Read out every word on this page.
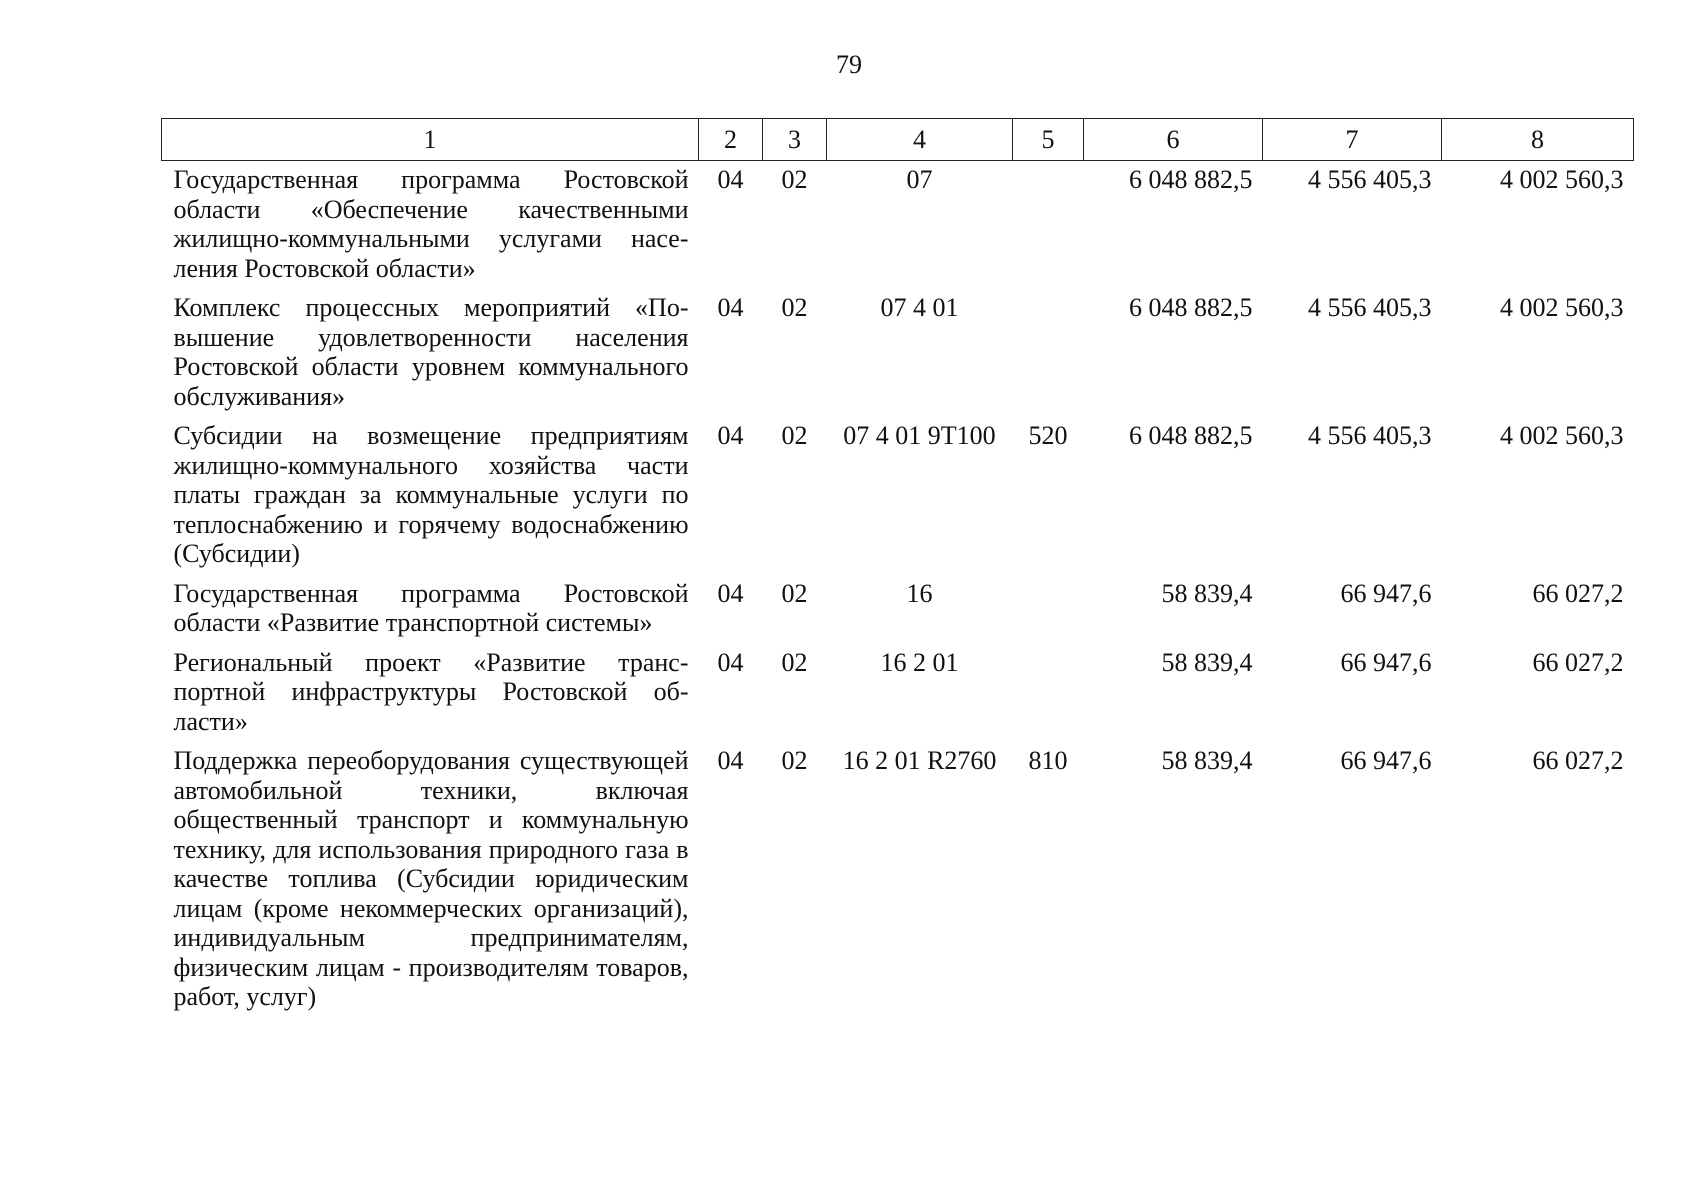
79
1	2	3	4	5	6	7	8
Государственная программа Ростовской области «Обеспечение качественными жилищно-коммунальными услугами населения Ростовской области»	04	02	07		6 048 882,5	4 556 405,3	4 002 560,3
Комплекс процессных мероприятий «Повышение удовлетворенности населения Ростовской области уровнем коммунального обслуживания»	04	02	07 4 01		6 048 882,5	4 556 405,3	4 002 560,3
Субсидии на возмещение предприятиям жилищно-коммунального хозяйства части платы граждан за коммунальные услуги по теплоснабжению и горячему водоснабжению (Субсидии)	04	02	07 4 01 9Т100	520	6 048 882,5	4 556 405,3	4 002 560,3
Государственная программа Ростовской области «Развитие транспортной системы»	04	02	16		58 839,4	66 947,6	66 027,2
Региональный проект «Развитие транспортной инфраструктуры Ростовской области»	04	02	16 2 01		58 839,4	66 947,6	66 027,2
Поддержка переоборудования существующей автомобильной техники, включая общественный транспорт и коммунальную технику, для использования природного газа в качестве топлива (Субсидии юридическим лицам (кроме некоммерческих организаций), индивидуальным предпринимателям, физическим лицам - производителям товаров, работ, услуг)	04	02	16 2 01 R2760	810	58 839,4	66 947,6	66 027,2
